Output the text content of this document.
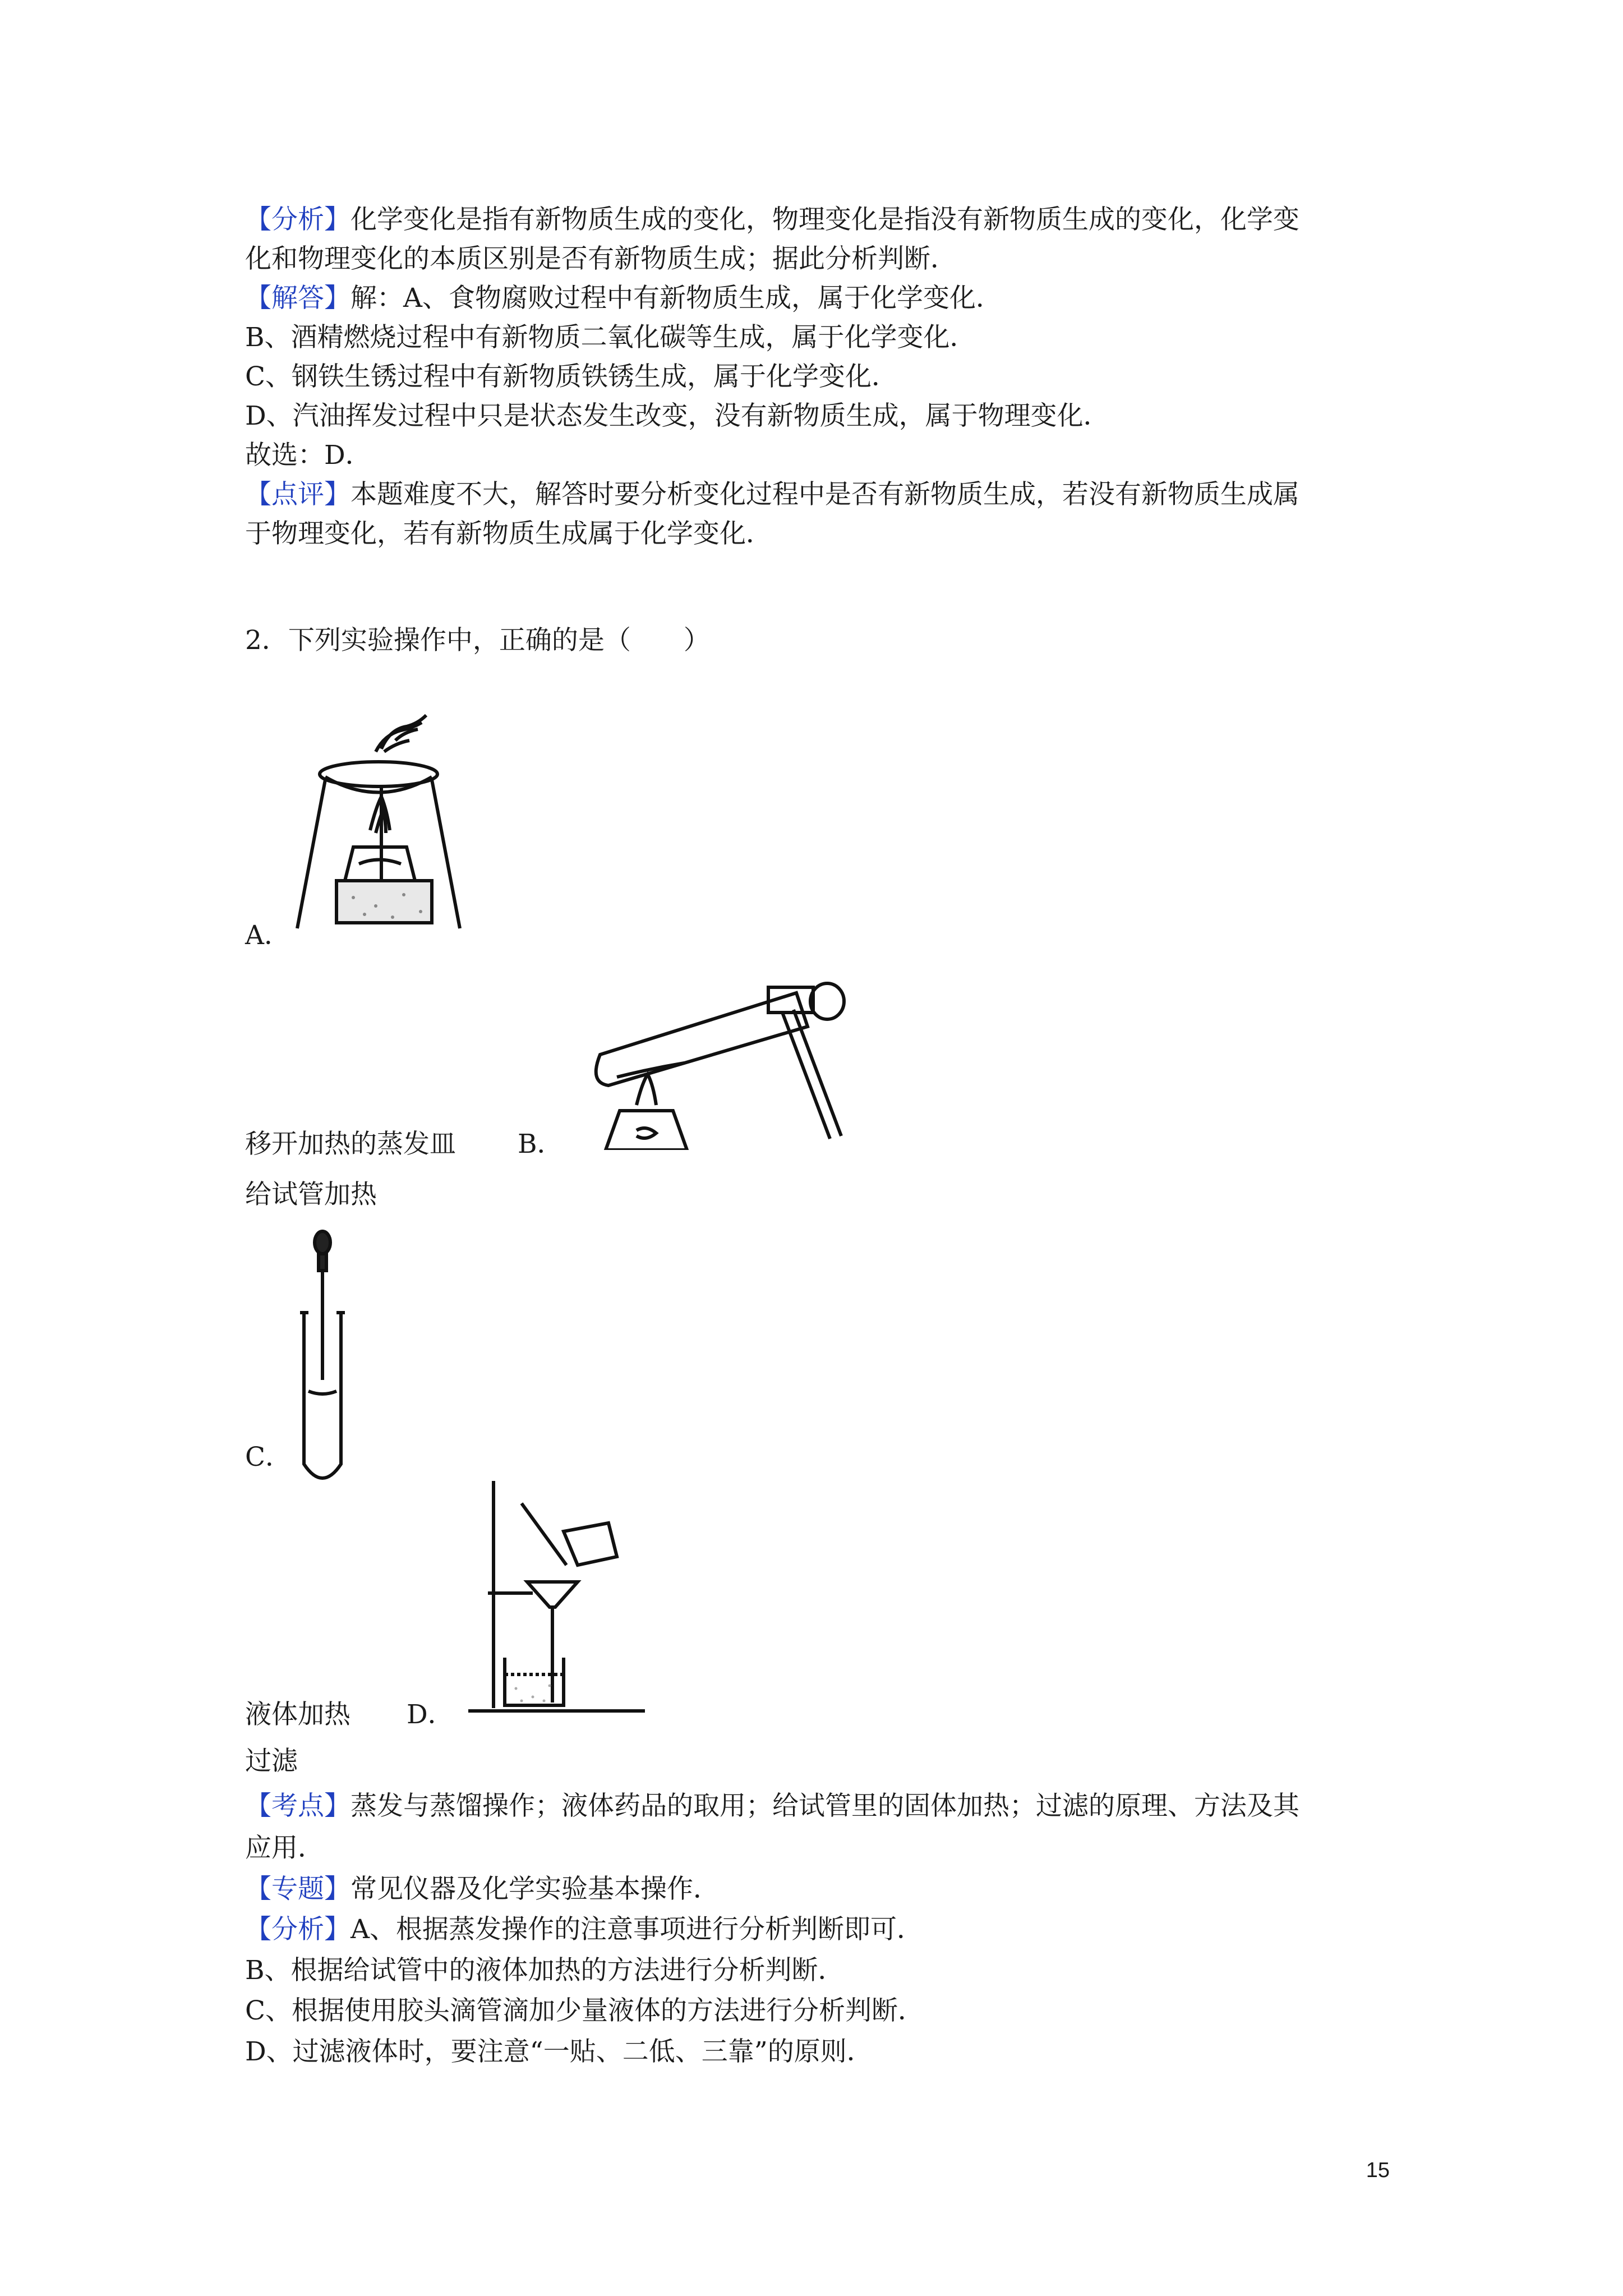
【分析】化学变化是指有新物质生成的变化，物理变化是指没有新物质生成的变化，化学变
化和物理变化的本质区别是否有新物质生成；据此分析判断．
【解答】解：A、食物腐败过程中有新物质生成，属于化学变化．
B、酒精燃烧过程中有新物质二氧化碳等生成，属于化学变化．
C、钢铁生锈过程中有新物质铁锈生成，属于化学变化．
D、汽油挥发过程中只是状态发生改变，没有新物质生成，属于物理变化．
故选：D．
【点评】本题难度不大，解答时要分析变化过程中是否有新物质生成，若没有新物质生成属
于物理变化，若有新物质生成属于化学变化．
2．下列实验操作中，正确的是（　　）
A．
移开加热的蒸发皿 B．
给试管加热
C．
液体加热 D．
过滤
【考点】蒸发与蒸馏操作；液体药品的取用；给试管里的固体加热；过滤的原理、方法及其
应用．
【专题】常见仪器及化学实验基本操作．
【分析】A、根据蒸发操作的注意事项进行分析判断即可．
B、根据给试管中的液体加热的方法进行分析判断．
C、根据使用胶头滴管滴加少量液体的方法进行分析判断．
D、过滤液体时，要注意“一贴、二低、三靠”的原则．
15
